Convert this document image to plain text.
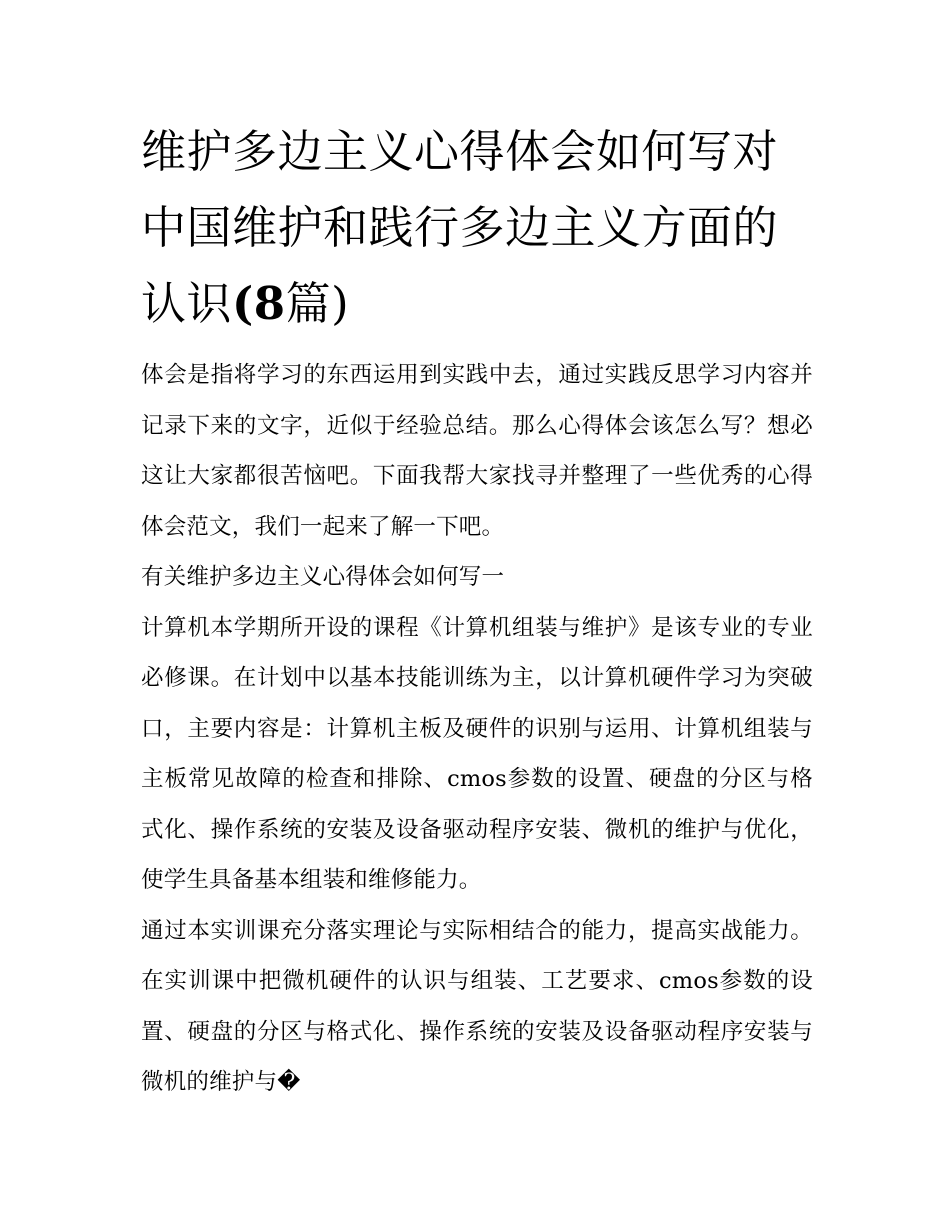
维护多边主义心得体会如何写对中国维护和践行多边主义方面的认识(8篇)

体会是指将学习的东西运用到实践中去，通过实践反思学习内容并记录下来的文字，近似于经验总结。那么心得体会该怎么写？想必这让大家都很苦恼吧。下面我帮大家找寻并整理了一些优秀的心得体会范文，我们一起来了解一下吧。

有关维护多边主义心得体会如何写一

计算机本学期所开设的课程《计算机组装与维护》是该专业的专业必修课。在计划中以基本技能训练为主，以计算机硬件学习为突破口，主要内容是：计算机主板及硬件的识别与运用、计算机组装与主板常见故障的检查和排除、cmos参数的设置、硬盘的分区与格式化、操作系统的安装及设备驱动程序安装、微机的维护与优化，使学生具备基本组装和维修能力。

通过本实训课充分落实理论与实际相结合的能力，提高实战能力。在实训课中把微机硬件的认识与组装、工艺要求、cmos参数的设置、硬盘的分区与格式化、操作系统的安装及设备驱动程序安装与微机的维护与�
